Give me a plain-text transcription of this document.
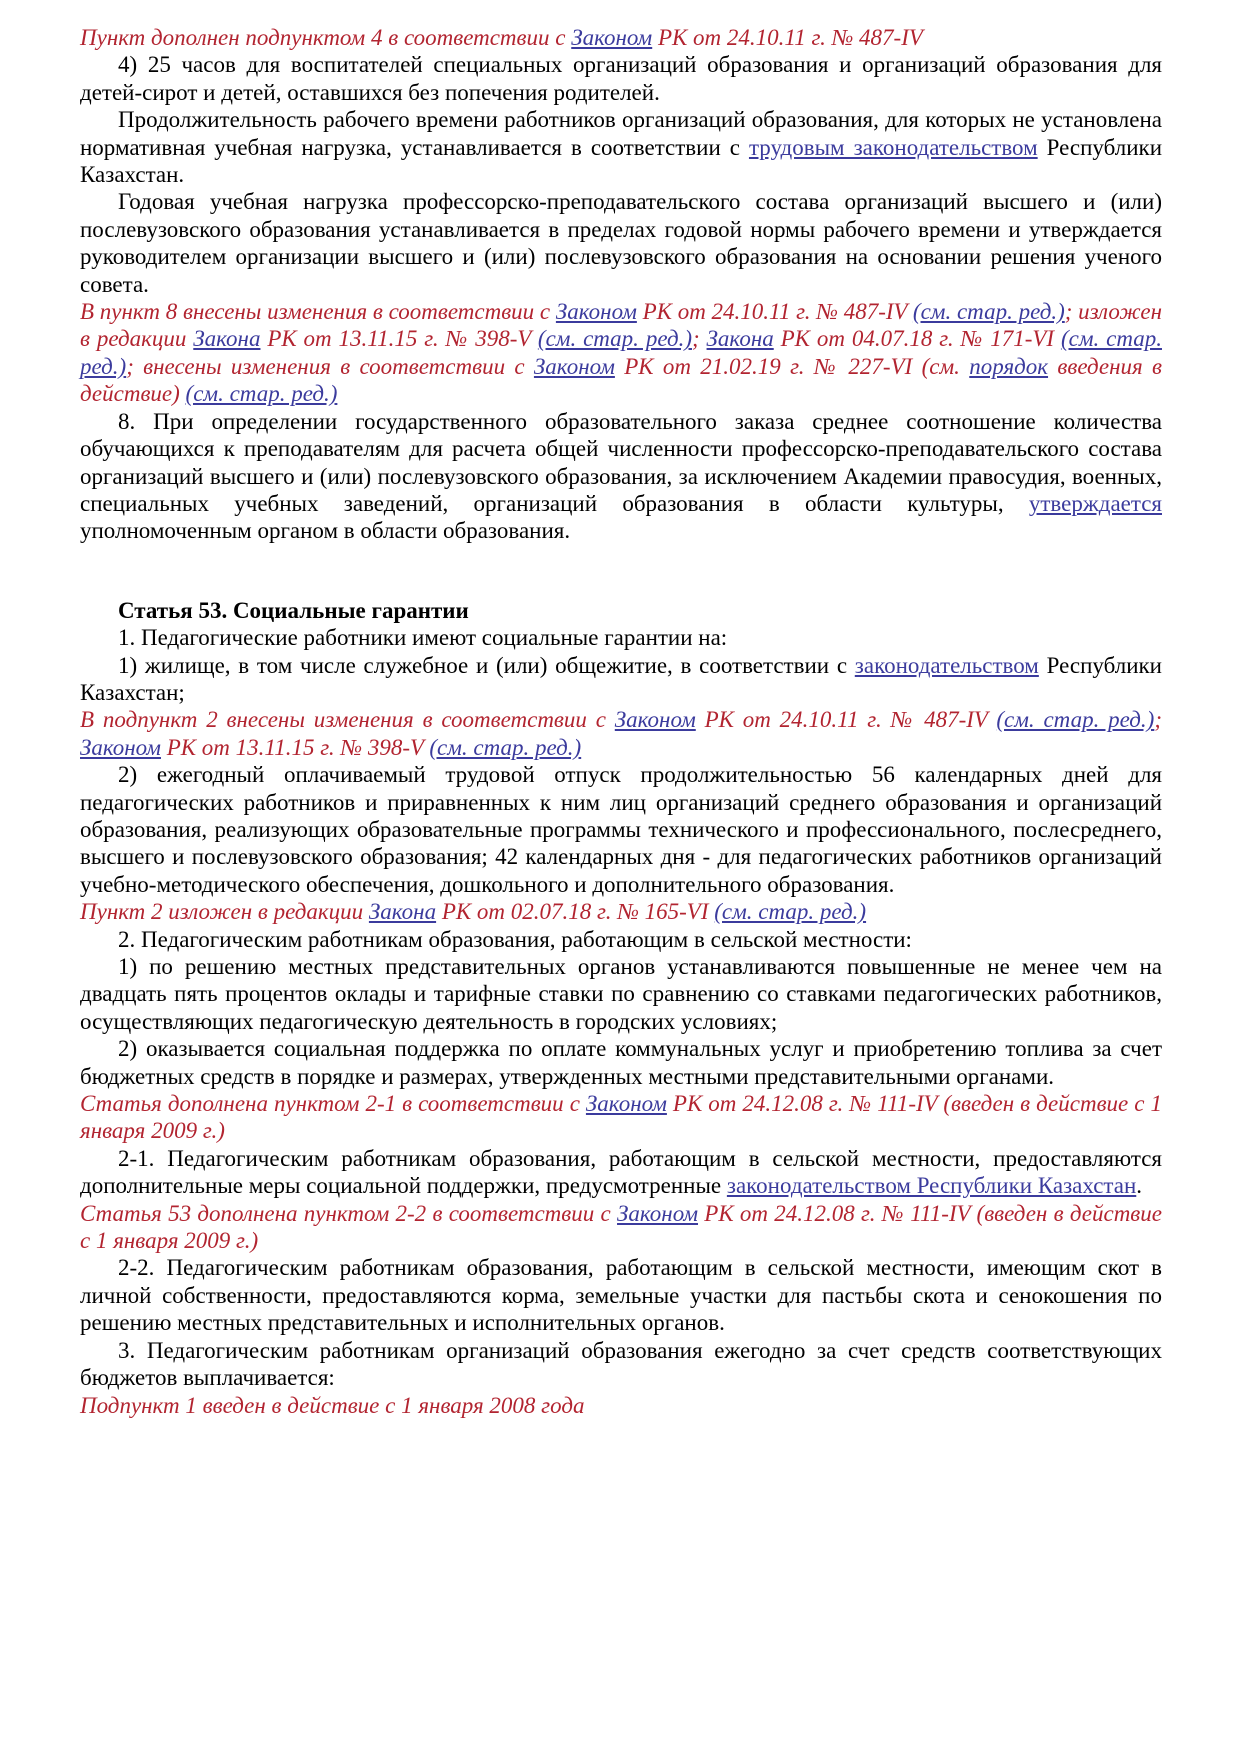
Пункт дополнен подпунктом 4 в соответствии с Законом РК от 24.10.11 г. № 487-IV

4) 25 часов для воспитателей специальных организаций образования и организаций образования для детей-сирот и детей, оставшихся без попечения родителей.

Продолжительность рабочего времени работников организаций образования, для которых не установлена нормативная учебная нагрузка, устанавливается в соответствии с трудовым законодательством Республики Казахстан.

Годовая учебная нагрузка профессорско-преподавательского состава организаций высшего и (или) послевузовского образования устанавливается в пределах годовой нормы рабочего времени и утверждается руководителем организации высшего и (или) послевузовского образования на основании решения ученого совета.

В пункт 8 внесены изменения в соответствии с Законом РК от 24.10.11 г. № 487-IV (см. стар. ред.); изложен в редакции Закона РК от 13.11.15 г. № 398-V (см. стар. ред.); Закона РК от 04.07.18 г. № 171-VI (см. стар. ред.); внесены изменения в соответствии с Законом РК от 21.02.19 г. № 227-VI (см. порядок введения в действие) (см. стар. ред.)

8. При определении государственного образовательного заказа среднее соотношение количества обучающихся к преподавателям для расчета общей численности профессорско-преподавательского состава организаций высшего и (или) послевузовского образования, за исключением Академии правосудия, военных, специальных учебных заведений, организаций образования в области культуры, утверждается уполномоченным органом в области образования.

Статья 53. Социальные гарантии

1. Педагогические работники имеют социальные гарантии на:

1) жилище, в том числе служебное и (или) общежитие, в соответствии с законодательством Республики Казахстан;

В подпункт 2 внесены изменения в соответствии с Законом РК от 24.10.11 г. № 487-IV (см. стар. ред.); Законом РК от 13.11.15 г. № 398-V (см. стар. ред.)

2) ежегодный оплачиваемый трудовой отпуск продолжительностью 56 календарных дней для педагогических работников и приравненных к ним лиц организаций среднего образования и организаций образования, реализующих образовательные программы технического и профессионального, послесреднего, высшего и послевузовского образования; 42 календарных дня - для педагогических работников организаций учебно-методического обеспечения, дошкольного и дополнительного образования.

Пункт 2 изложен в редакции Закона РК от 02.07.18 г. № 165-VI (см. стар. ред.)

2. Педагогическим работникам образования, работающим в сельской местности:

1) по решению местных представительных органов устанавливаются повышенные не менее чем на двадцать пять процентов оклады и тарифные ставки по сравнению со ставками педагогических работников, осуществляющих педагогическую деятельность в городских условиях;

2) оказывается социальная поддержка по оплате коммунальных услуг и приобретению топлива за счет бюджетных средств в порядке и размерах, утвержденных местными представительными органами.

Статья дополнена пунктом 2-1 в соответствии с Законом РК от 24.12.08 г. № 111-IV (введен в действие с 1 января 2009 г.)

2-1. Педагогическим работникам образования, работающим в сельской местности, предоставляются дополнительные меры социальной поддержки, предусмотренные законодательством Республики Казахстан.

Статья 53 дополнена пунктом 2-2 в соответствии с Законом РК от 24.12.08 г. № 111-IV (введен в действие с 1 января 2009 г.)

2-2. Педагогическим работникам образования, работающим в сельской местности, имеющим скот в личной собственности, предоставляются корма, земельные участки для пастьбы скота и сенокошения по решению местных представительных и исполнительных органов.

3. Педагогическим работникам организаций образования ежегодно за счет средств соответствующих бюджетов выплачивается:

Подпункт 1 введен в действие с 1 января 2008 года
